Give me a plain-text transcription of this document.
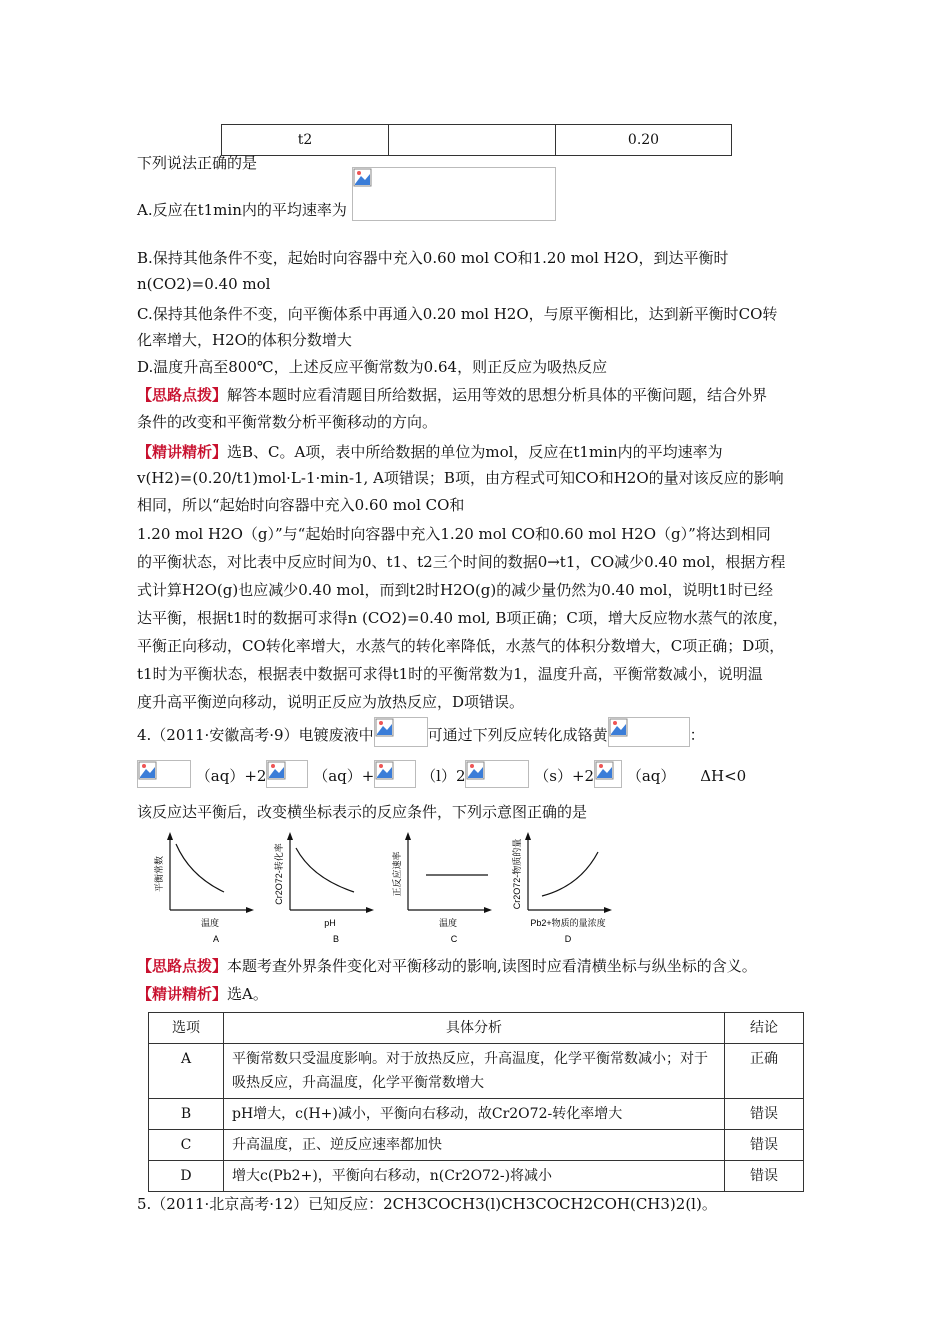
t2		0.20
下列说法正确的是
A.反应在t1min内的平均速率为
B.保持其他条件不变，起始时向容器中充入0.60 mol CO和1.20 mol H2O，到达平衡时
n(CO2)=0.40 mol
C.保持其他条件不变，向平衡体系中再通入0.20 mol H2O，与原平衡相比，达到新平衡时CO转
化率增大，H2O的体积分数增大
D.温度升高至800℃，上述反应平衡常数为0.64，则正反应为吸热反应
【思路点拨】解答本题时应看清题目所给数据，运用等效的思想分析具体的平衡问题，结合外界
条件的改变和平衡常数分析平衡移动的方向。
【精讲精析】选B、C。A项，表中所给数据的单位为mol，反应在t1min内的平均速率为
v(H2)=(0.20/t1)mol·L-1·min-1, A项错误；B项，由方程式可知CO和H2O的量对该反应的影响
相同，所以“起始时向容器中充入0.60 mol CO和
1.20 mol H2O（g）”与“起始时向容器中充入1.20 mol CO和0.60 mol H2O（g）”将达到相同
的平衡状态，对比表中反应时间为0、t1、t2三个时间的数据0→t1，CO减少0.40 mol，根据方程
式计算H2O(g)也应减少0.40 mol，而到t2时H2O(g)的减少量仍然为0.40 mol，说明t1时已经
达平衡，根据t1时的数据可求得n (CO2)=0.40 mol, B项正确；C项，增大反应物水蒸气的浓度，
平衡正向移动，CO转化率增大，水蒸气的转化率降低，水蒸气的体积分数增大，C项正确；D项，
t1时为平衡状态，根据表中数据可求得t1时的平衡常数为1，温度升高，平衡常数减小，说明温
度升高平衡逆向移动，说明正反应为放热反应，D项错误。
4.（2011·安徽高考·9）电镀废液中	可通过下列反应转化成铬黄	：
（aq）+2	（aq）+	（l）2	（s）+2 （aq） ΔH<0
该反应达平衡后，改变横坐标表示的反应条件，下列示意图正确的是
平衡常数
温度
A
Cr2O72-转化率
pH
B
正反应速率
温度
C
Cr2O72-物质的量
Pb2+物质的量浓度
D
【思路点拨】本题考查外界条件变化对平衡移动的影响,读图时应看清横坐标与纵坐标的含义。
【精讲精析】选A。
选项	具体分析	结论
A	平衡常数只受温度影响。对于放热反应，升高温度，化学平衡常数减小；对于吸热反应，升高温度，化学平衡常数增大	正确
B	pH增大，c(H+)减小，平衡向右移动，故Cr2O72-转化率增大	错误
C	升高温度，正、逆反应速率都加快	错误
D	增大c(Pb2+)，平衡向右移动，n(Cr2O72-)将减小	错误
5.（2011·北京高考·12）已知反应：2CH3COCH3(l)CH3COCH2COH(CH3)2(l)。
